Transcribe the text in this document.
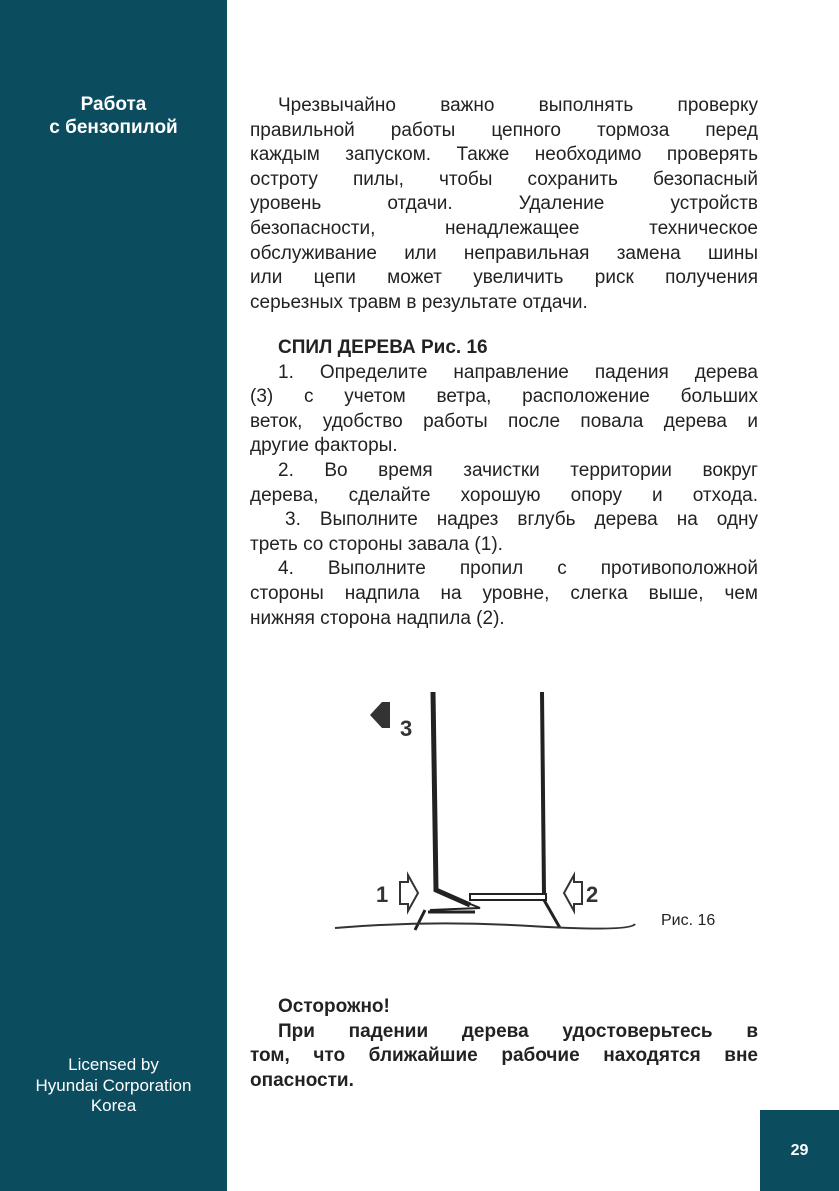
Работа
с бензопилой
Licensed by
Hyundai Corporation
Korea
29
Чрезвычайно важно выполнять проверку
правильной работы цепного тормоза перед
каждым запуском. Также необходимо проверять
остроту пилы, чтобы сохранить безопасный
уровень отдачи. Удаление устройств
безопасности, ненадлежащее техническое
обслуживание или неправильная замена шины
или цепи может увеличить риск получения
серьезных травм в результате отдачи.
СПИЛ ДЕРЕВА Рис. 16
1. Определите направление падения дерева
(3) с учетом ветра, расположение больших
веток, удобство работы после повала дерева и
другие факторы.
2. Во время зачистки территории вокруг
дерева, сделайте хорошую опору и отхода.
3. Выполните надрез вглубь дерева на одну
треть со стороны завала (1).
4. Выполните пропил с противоположной
стороны надпила на уровне, слегка выше, чем
нижняя сторона надпила (2).
3
1	2
Рис. 16
Осторожно!
При падении дерева удостоверьтесь в
том, что ближайшие рабочие находятся вне
опасности.
